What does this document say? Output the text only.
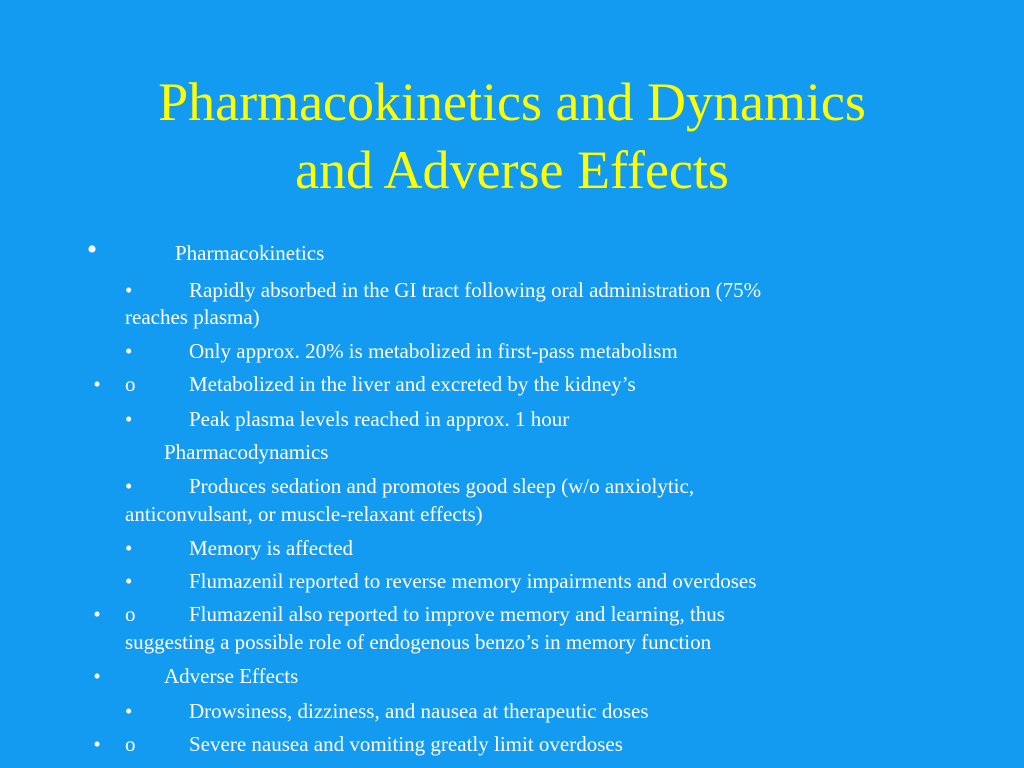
Pharmacokinetics and Dynamics
and Adverse Effects
•	Pharmacokinetics
•	Rapidly absorbed in the GI tract following oral administration (75%
reaches plasma)
•	Only approx. 20% is metabolized in first-pass metabolism
• o	Metabolized in the liver and excreted by the kidney’s
•	Peak plasma levels reached in approx. 1 hour
Pharmacodynamics
•	Produces sedation and promotes good sleep (w/o anxiolytic,
anticonvulsant, or muscle-relaxant effects)
•	Memory is affected
•	Flumazenil reported to reverse memory impairments and overdoses
• o	Flumazenil also reported to improve memory and learning, thus
suggesting a possible role of endogenous benzo’s in memory function
•	Adverse Effects
•	Drowsiness, dizziness, and nausea at therapeutic doses
• o	Severe nausea and vomiting greatly limit overdoses
